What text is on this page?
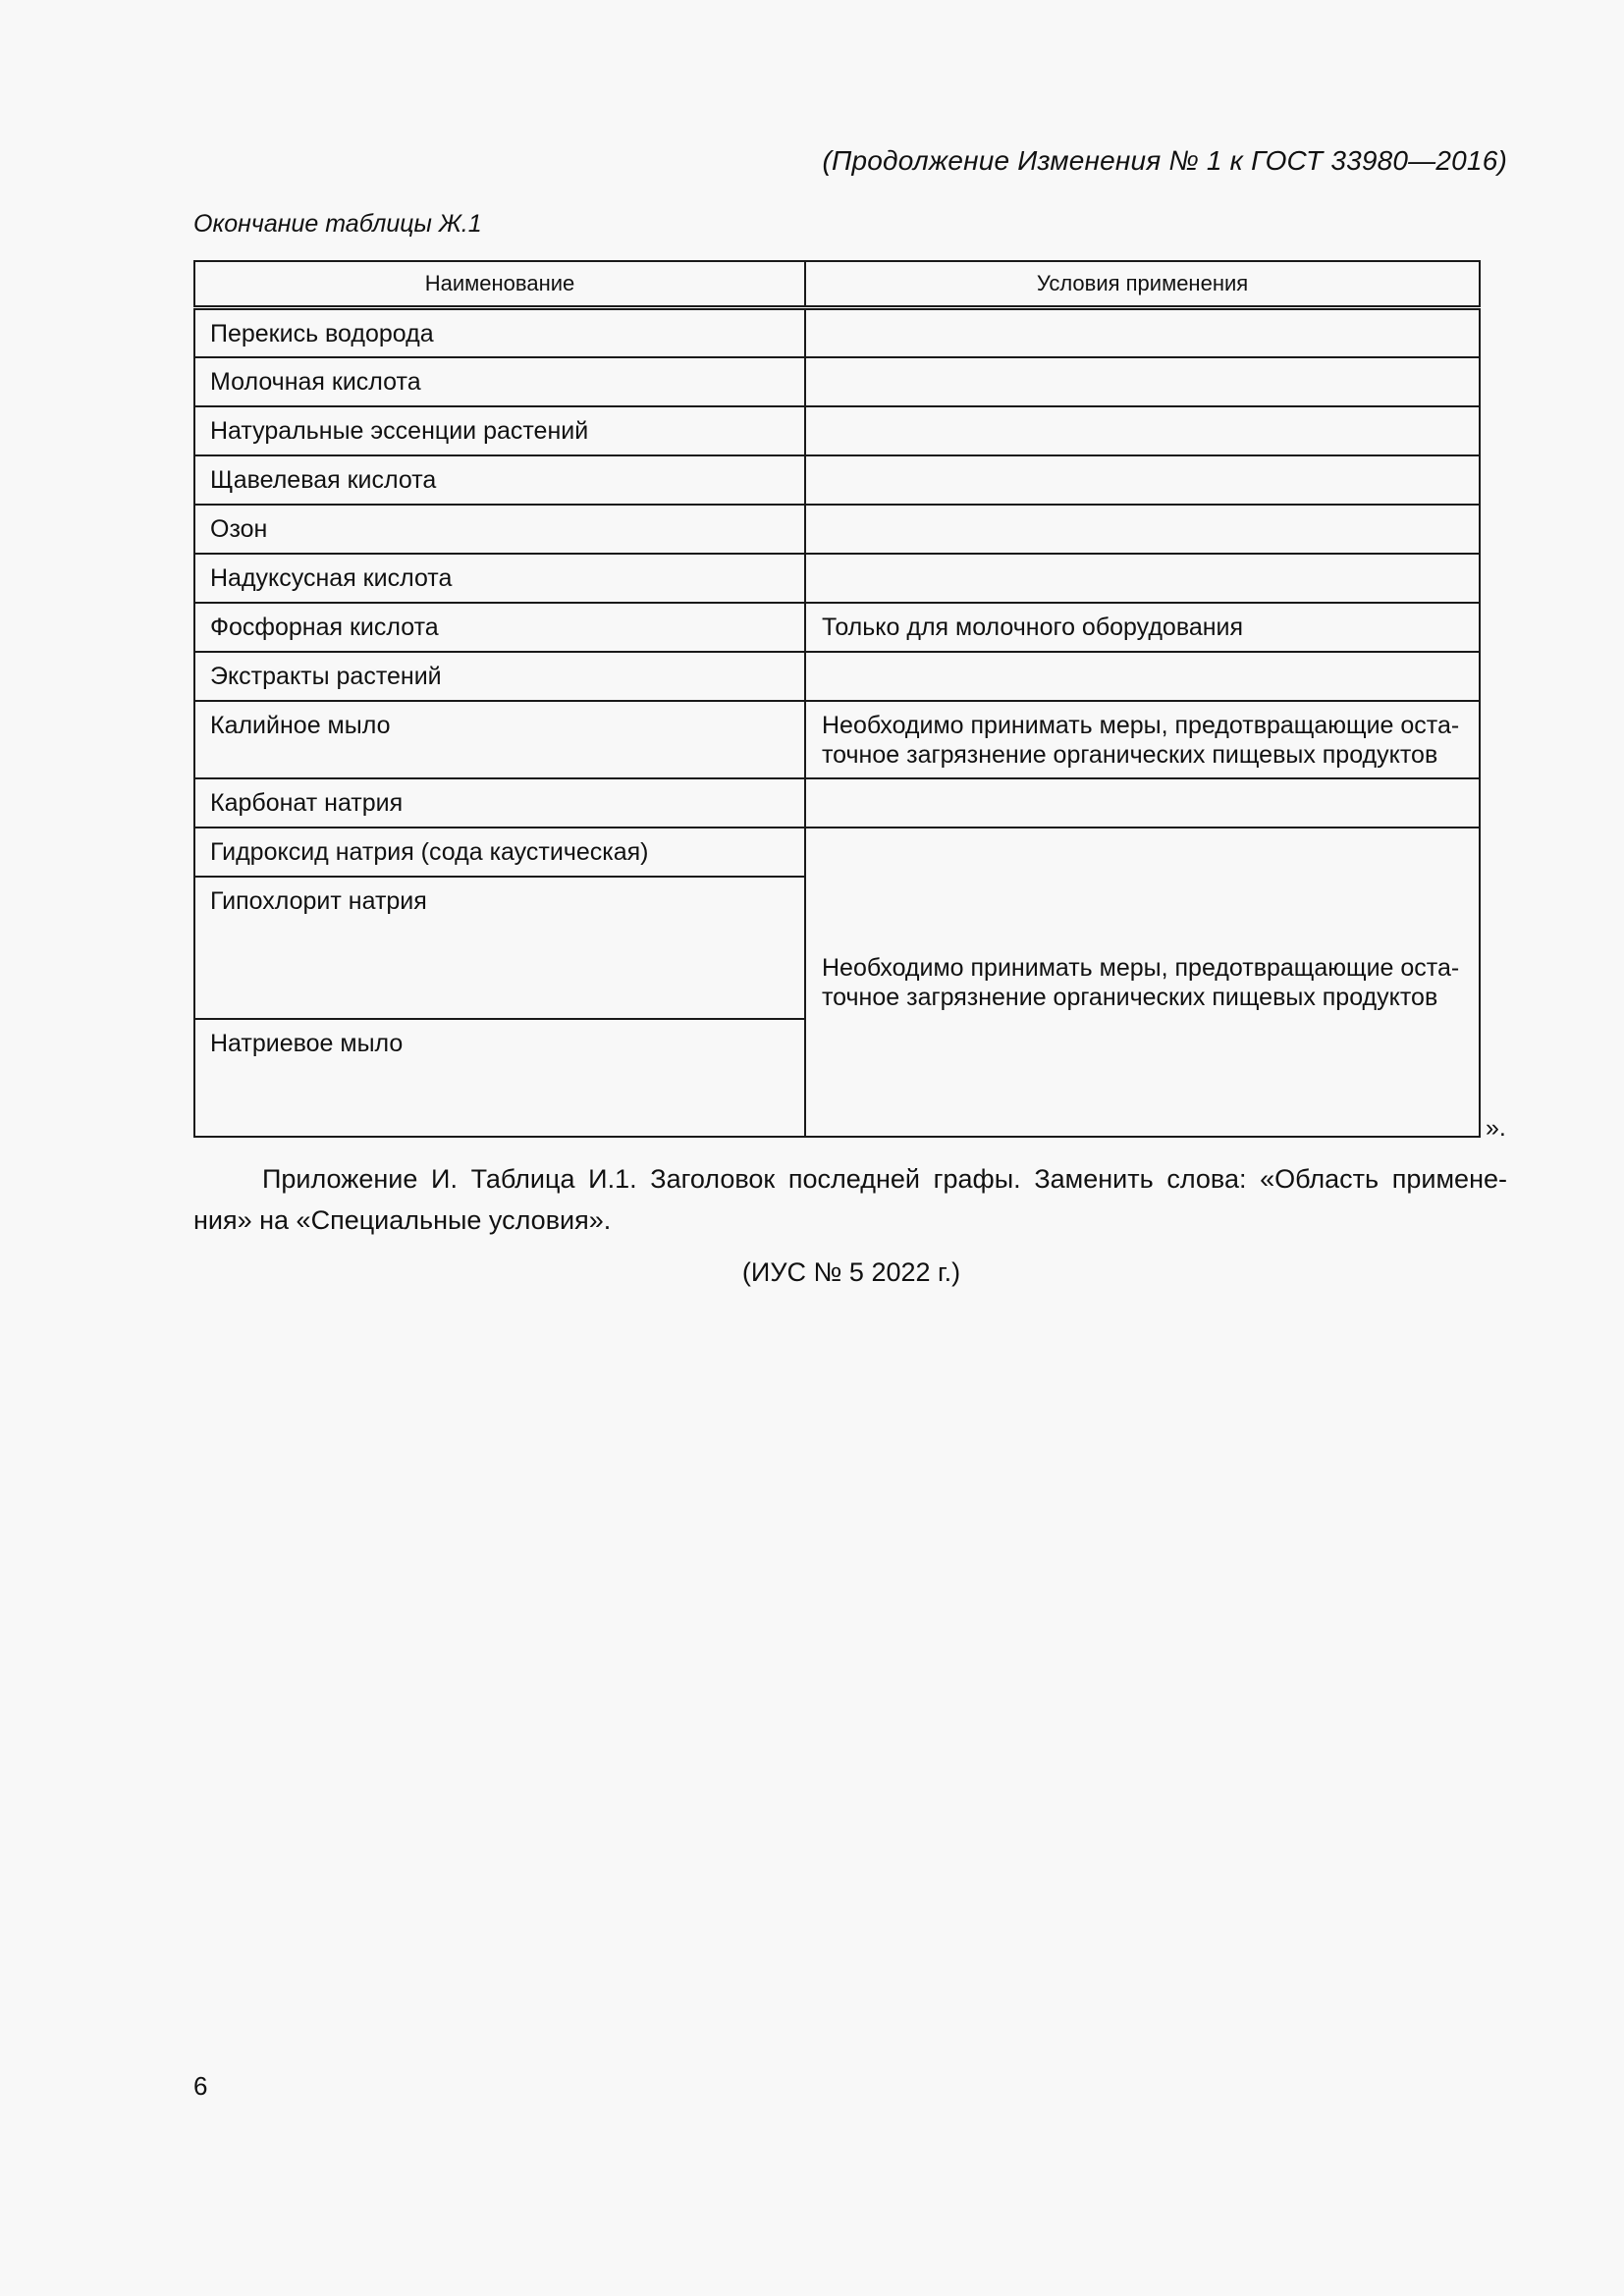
(Продолжение Изменения № 1 к ГОСТ 33980—2016)
Окончание таблицы Ж.1
Наименование	Условия применения
Перекись водорода	
Молочная кислота	
Натуральные эссенции растений	
Щавелевая кислота	
Озон	
Надуксусная кислота	
Фосфорная кислота	Только для молочного оборудования
Экстракты растений	
Калийное мыло	Необходимо принимать меры, предотвращающие оста-
точное загрязнение органических пищевых продуктов

Карбонат натрия	
Гидроксид натрия (сода каустическая)	Необходимо принимать меры, предотвращающие оста-
точное загрязнение органических пищевых продуктов

Гипохлорит натрия	
Натриевое мыло	
».
Приложение И. Таблица И.1. Заголовок последней графы. Заменить слова: «Область примене-
ния» на «Специальные условия».
(ИУС № 5 2022 г.)
6
